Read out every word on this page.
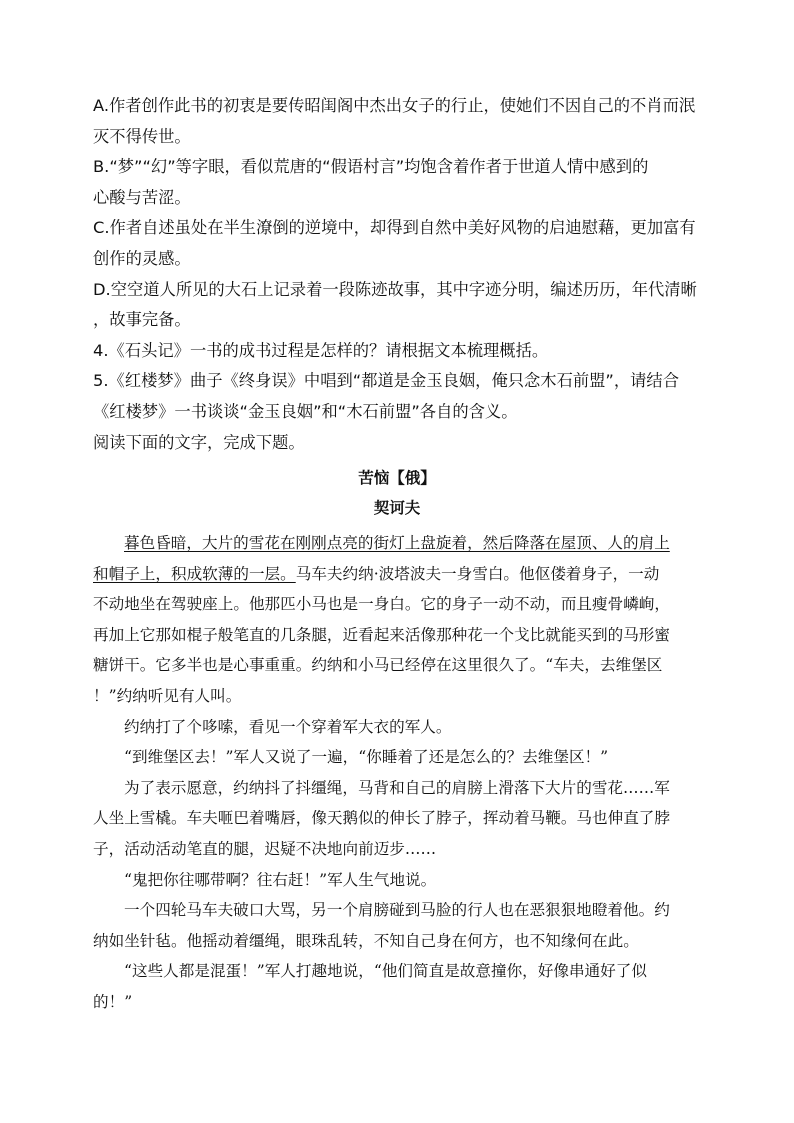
A.作者创作此书的初衷是要传昭闺阁中杰出女子的行止，使她们不因自己的不肖而泯

灭不得传世。

B.“梦”“幻”等字眼，看似荒唐的“假语村言”均饱含着作者于世道人情中感到的

心酸与苦涩。

C.作者自述虽处在半生潦倒的逆境中，却得到自然中美好风物的启迪慰藉，更加富有

创作的灵感。

D.空空道人所见的大石上记录着一段陈迹故事，其中字迹分明，编述历历，年代清晰

，故事完备。

4.《石头记》一书的成书过程是怎样的？请根据文本梳理概括。

5.《红楼梦》曲子《终身误》中唱到“都道是金玉良姻，俺只念木石前盟”，请结合

《红楼梦》一书谈谈“金玉良姻”和“木石前盟”各自的含义。

阅读下面的文字，完成下题。

苦恼【俄】
契诃夫

暮色昏暗，大片的雪花在刚刚点亮的街灯上盘旋着，然后降落在屋顶、人的肩上

和帽子上，积成软薄的一层。马车夫约纳·波塔波夫一身雪白。他伛偻着身子，一动

不动地坐在驾驶座上。他那匹小马也是一身白。它的身子一动不动，而且瘦骨嶙峋，

再加上它那如棍子般笔直的几条腿，近看起来活像那种花一个戈比就能买到的马形蜜

糖饼干。它多半也是心事重重。约纳和小马已经停在这里很久了。“车夫，去维堡区

！”约纳听见有人叫。

约纳打了个哆嗦，看见一个穿着军大衣的军人。

“到维堡区去！”军人又说了一遍，“你睡着了还是怎么的？去维堡区！”

为了表示愿意，约纳抖了抖缰绳，马背和自己的肩膀上滑落下大片的雪花……军

人坐上雪橇。车夫咂巴着嘴唇，像天鹅似的伸长了脖子，挥动着马鞭。马也伸直了脖

子，活动活动笔直的腿，迟疑不决地向前迈步……

“鬼把你往哪带啊？往右赶！”军人生气地说。

一个四轮马车夫破口大骂，另一个肩膀碰到马脸的行人也在恶狠狠地瞪着他。约

纳如坐针毡。他摇动着缰绳，眼珠乱转，不知自己身在何方，也不知缘何在此。

“这些人都是混蛋！”军人打趣地说，“他们简直是故意撞你，好像串通好了似

的！”
